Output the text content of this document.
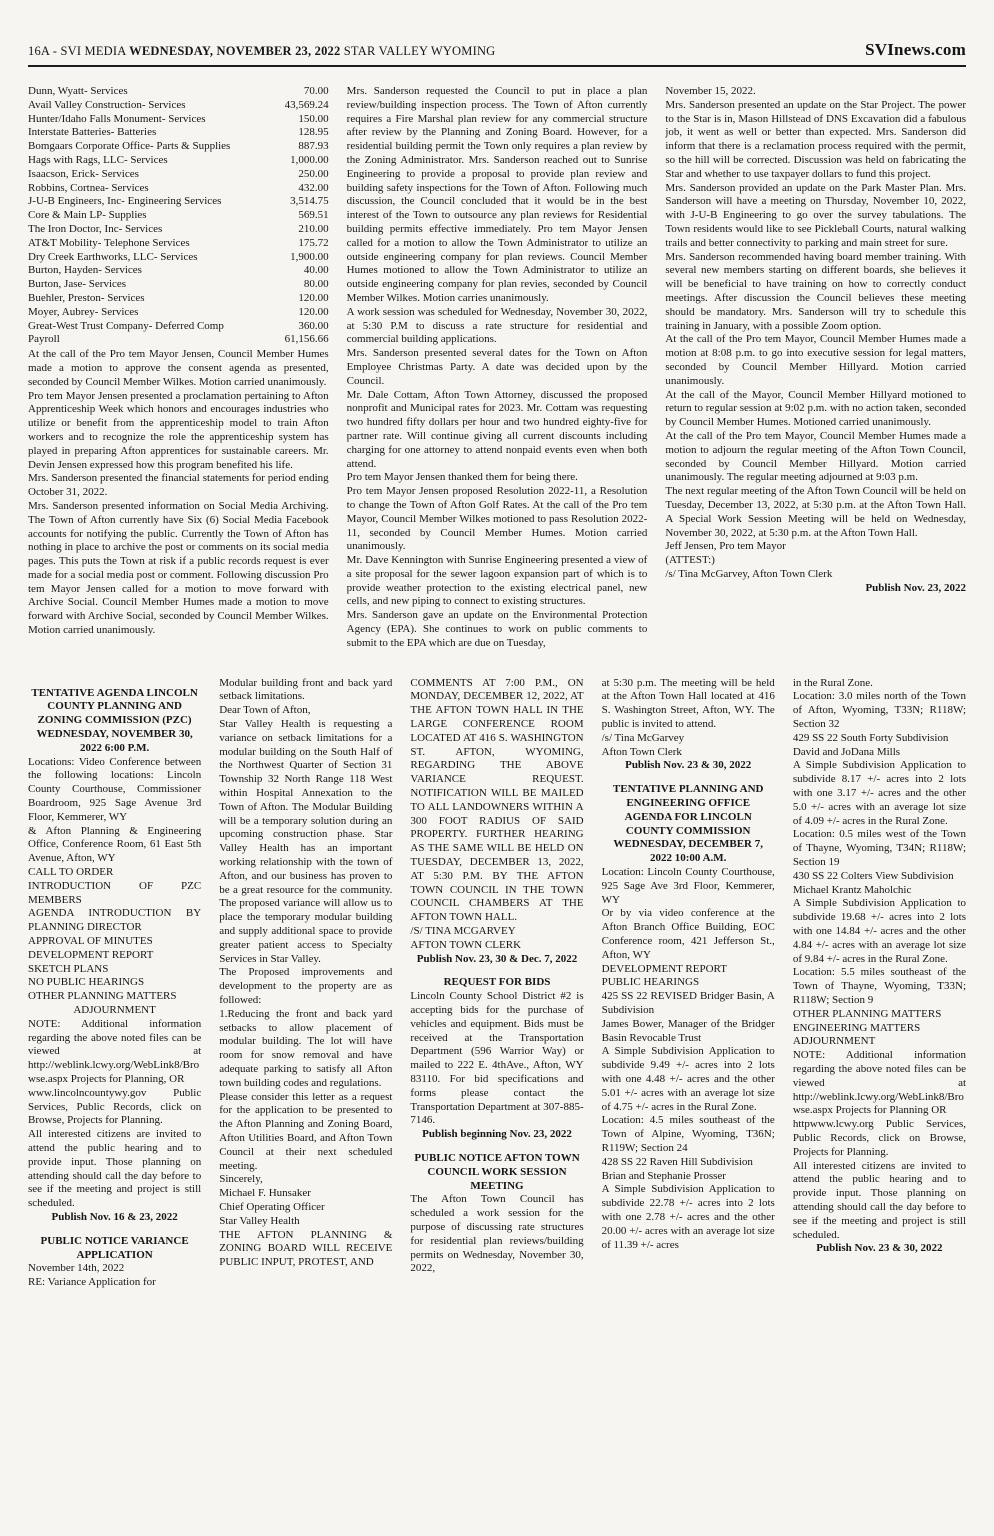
16A - SVI MEDIA WEDNESDAY, NOVEMBER 23, 2022 STAR VALLEY WYOMING	SVInews.com
Dunn, Wyatt- Services	70.00
Avail Valley Construction- Services	43,569.24
Hunter/Idaho Falls Monument- Services	150.00
Interstate Batteries- Batteries	128.95
Bomgaars Corporate Office- Parts & Supplies	887.93
Hags with Rags, LLC- Services	1,000.00
Isaacson, Erick- Services	250.00
Robbins, Cortnea- Services	432.00
J-U-B Engineers, Inc- Engineering Services	3,514.75
Core & Main LP- Supplies	569.51
The Iron Doctor, Inc- Services	210.00
AT&T Mobility- Telephone Services	175.72
Dry Creek Earthworks, LLC- Services	1,900.00
Burton, Hayden- Services	40.00
Burton, Jase- Services	80.00
Buehler, Preston- Services	120.00
Moyer, Aubrey- Services	120.00
Great-West Trust Company- Deferred Comp	360.00
Payroll	61,156.66
At the call of the Pro tem Mayor Jensen, Council Member Humes made a motion to approve the consent agenda as presented, seconded by Council Member Wilkes. Motion carried unanimously.
Pro tem Mayor Jensen presented a proclamation pertaining to Afton Apprenticeship Week which honors and encourages industries who utilize or benefit from the apprenticeship model to train Afton workers and to recognize the role the apprenticeship system has played in preparing Afton apprentices for sustainable careers. Mr. Devin Jensen expressed how this program benefited his life.
Mrs. Sanderson presented the financial statements for period ending October 31, 2022.
Mrs. Sanderson presented information on Social Media Archiving. The Town of Afton currently have Six (6) Social Media Facebook accounts for notifying the public. Currently the Town of Afton has nothing in place to archive the post or comments on its social media pages. This puts the Town at risk if a public records request is ever made for a social media post or comment. Following discussion Pro tem Mayor Jensen called for a motion to move forward with Archive Social. Council Member Humes made a motion to move forward with Archive Social, seconded by Council Member Wilkes. Motion carried unanimously.
Mrs. Sanderson requested the Council to put in place a plan review/building inspection process. The Town of Afton currently requires a Fire Marshal plan review for any commercial structure after review by the Planning and Zoning Board. However, for a residential building permit the Town only requires a plan review by the Zoning Administrator. Mrs. Sanderson reached out to Sunrise Engineering to provide a proposal to provide plan review and building safety inspections for the Town of Afton. Following much discussion, the Council concluded that it would be in the best interest of the Town to outsource any plan reviews for Residential building permits effective immediately. Pro tem Mayor Jensen called for a motion to allow the Town Administrator to utilize an outside engineering company for plan reviews. Council Member Humes motioned to allow the Town Administrator to utilize an outside engineering company for plan revies, seconded by Council Member Wilkes. Motion carries unanimously.
A work session was scheduled for Wednesday, November 30, 2022, at 5:30 P.M to discuss a rate structure for residential and commercial building applications.
Mrs. Sanderson presented several dates for the Town on Afton Employee Christmas Party. A date was decided upon by the Council.
Mr. Dale Cottam, Afton Town Attorney, discussed the proposed nonprofit and Municipal rates for 2023. Mr. Cottam was requesting two hundred fifty dollars per hour and two hundred eighty-five for partner rate. Will continue giving all current discounts including charging for one attorney to attend nonpaid events even when both attend.
Pro tem Mayor Jensen thanked them for being there.
Pro tem Mayor Jensen proposed Resolution 2022-11, a Resolution to change the Town of Afton Golf Rates. At the call of the Pro tem Mayor, Council Member Wilkes motioned to pass Resolution 2022-11, seconded by Council Member Humes. Motion carried unanimously.
Mr. Dave Kennington with Sunrise Engineering presented a view of a site proposal for the sewer lagoon expansion part of which is to provide weather protection to the existing electrical panel, new cells, and new piping to connect to existing structures.
Mrs. Sanderson gave an update on the Environmental Protection Agency (EPA). She continues to work on public comments to submit to the EPA which are due on Tuesday,
November 15, 2022.
Mrs. Sanderson presented an update on the Star Project. The power to the Star is in, Mason Hillstead of DNS Excavation did a fabulous job, it went as well or better than expected. Mrs. Sanderson did inform that there is a reclamation process required with the permit, so the hill will be corrected. Discussion was held on fabricating the Star and whether to use taxpayer dollars to fund this project.
Mrs. Sanderson provided an update on the Park Master Plan. Mrs. Sanderson will have a meeting on Thursday, November 10, 2022, with J-U-B Engineering to go over the survey tabulations. The Town residents would like to see Pickleball Courts, natural walking trails and better connectivity to parking and main street for sure.
Mrs. Sanderson recommended having board member training. With several new members starting on different boards, she believes it will be beneficial to have training on how to correctly conduct meetings. After discussion the Council believes these meeting should be mandatory. Mrs. Sanderson will try to schedule this training in January, with a possible Zoom option.
At the call of the Pro tem Mayor, Council Member Humes made a motion at 8:08 p.m. to go into executive session for legal matters, seconded by Council Member Hillyard. Motion carried unanimously.
At the call of the Mayor, Council Member Hillyard motioned to return to regular session at 9:02 p.m. with no action taken, seconded by Council Member Humes. Motioned carried unanimously.
At the call of the Pro tem Mayor, Council Member Humes made a motion to adjourn the regular meeting of the Afton Town Council, seconded by Council Member Hillyard. Motion carried unanimously. The regular meeting adjourned at 9:03 p.m.
The next regular meeting of the Afton Town Council will be held on Tuesday, December 13, 2022, at 5:30 p.m. at the Afton Town Hall. A Special Work Session Meeting will be held on Wednesday, November 30, 2022, at 5:30 p.m. at the Afton Town Hall.
Jeff Jensen, Pro tem Mayor
(ATTEST:)
/s/ Tina McGarvey, Afton Town Clerk
Publish Nov. 23, 2022
TENTATIVE AGENDA LINCOLN COUNTY PLANNING AND ZONING COMMISSION (PZC) WEDNESDAY, NOVEMBER 30, 2022 6:00 P.M.
Locations: Video Conference between the following locations: Lincoln County Courthouse, Commissioner Boardroom, 925 Sage Avenue 3rd Floor, Kemmerer, WY
& Afton Planning & Engineering Office, Conference Room, 61 East 5th Avenue, Afton, WY
CALL TO ORDER
INTRODUCTION OF PZC MEMBERS
AGENDA INTRODUCTION BY PLANNING DIRECTOR
APPROVAL OF MINUTES
DEVELOPMENT REPORT
SKETCH PLANS
NO PUBLIC HEARINGS
OTHER PLANNING MATTERS
ADJOURNMENT
NOTE: Additional information regarding the above noted files can be viewed at http://weblink.lcwy.org/WebLink8/Browse.aspx Projects for Planning, OR
www.lincolncountywy.gov Public Services, Public Records, click on Browse, Projects for Planning.
All interested citizens are invited to attend the public hearing and to provide input. Those planning on attending should call the day before to see if the meeting and project is still scheduled.
Publish Nov. 16 & 23, 2022
PUBLIC NOTICE VARIANCE APPLICATION
November 14th, 2022
RE: Variance Application for
Modular building front and back yard setback limitations.
Dear Town of Afton,
Star Valley Health is requesting a variance on setback limitations for a modular building on the South Half of the Northwest Quarter of Section 31 Township 32 North Range 118 West within Hospital Annexation to the Town of Afton. The Modular Building will be a temporary solution during an upcoming construction phase. Star Valley Health has an important working relationship with the town of Afton, and our business has proven to be a great resource for the community. The proposed variance will allow us to place the temporary modular building and supply additional space to provide greater patient access to Specialty Services in Star Valley.
The Proposed improvements and development to the property are as followed:
1.Reducing the front and back yard setbacks to allow placement of modular building. The lot will have room for snow removal and have adequate parking to satisfy all Afton town building codes and regulations.
Please consider this letter as a request for the application to be presented to the Afton Planning and Zoning Board, Afton Utilities Board, and Afton Town Council at their next scheduled meeting.
Sincerely,
Michael F. Hunsaker
Chief Operating Officer
Star Valley Health
THE AFTON PLANNING & ZONING BOARD WILL RECEIVE PUBLIC INPUT, PROTEST, AND
COMMENTS AT 7:00 P.M., ON MONDAY, DECEMBER 12, 2022, AT THE AFTON TOWN HALL IN THE LARGE CONFERENCE ROOM LOCATED AT 416 S. WASHINGTON ST. AFTON, WYOMING, REGARDING THE ABOVE VARIANCE REQUEST. NOTIFICATION WILL BE MAILED TO ALL LANDOWNERS WITHIN A 300 FOOT RADIUS OF SAID PROPERTY. FURTHER HEARING AS THE SAME WILL BE HELD ON TUESDAY, DECEMBER 13, 2022, AT 5:30 P.M. BY THE AFTON TOWN COUNCIL IN THE TOWN COUNCIL CHAMBERS AT THE AFTON TOWN HALL.
/S/ TINA MCGARVEY
AFTON TOWN CLERK
Publish Nov. 23, 30 & Dec. 7, 2022
REQUEST FOR BIDS
Lincoln County School District #2 is accepting bids for the purchase of vehicles and equipment. Bids must be received at the Transportation Department (596 Warrior Way) or mailed to 222 E. 4thAve., Afton, WY 83110. For bid specifications and forms please contact the Transportation Department at 307-885-7146.
Publish beginning Nov. 23, 2022
PUBLIC NOTICE AFTON TOWN COUNCIL WORK SESSION MEETING
The Afton Town Council has scheduled a work session for the purpose of discussing rate structures for residential plan reviews/building permits on Wednesday, November 30, 2022,
at 5:30 p.m. The meeting will be held at the Afton Town Hall located at 416 S. Washington Street, Afton, WY. The public is invited to attend.
/s/ Tina McGarvey
Afton Town Clerk
Publish Nov. 23 & 30, 2022
TENTATIVE PLANNING AND ENGINEERING OFFICE AGENDA FOR LINCOLN COUNTY COMMISSION WEDNESDAY, DECEMBER 7, 2022 10:00 A.M.
Location: Lincoln County Courthouse, 925 Sage Ave 3rd Floor, Kemmerer, WY
Or by via video conference at the Afton Branch Office Building, EOC Conference room, 421 Jefferson St., Afton, WY
DEVELOPMENT REPORT
PUBLIC HEARINGS
425 SS 22 REVISED Bridger Basin, A Subdivision
James Bower, Manager of the Bridger Basin Revocable Trust
A Simple Subdivision Application to subdivide 9.49 +/- acres into 2 lots with one 4.48 +/- acres and the other 5.01 +/- acres with an average lot size of 4.75 +/- acres in the Rural Zone.
Location: 4.5 miles southeast of the Town of Alpine, Wyoming, T36N; R119W; Section 24
428 SS 22 Raven Hill Subdivision
Brian and Stephanie Prosser
A Simple Subdivision Application to subdivide 22.78 +/- acres into 2 lots with one 2.78 +/- acres and the other 20.00 +/- acres with an average lot size of 11.39 +/- acres
in the Rural Zone.
Location: 3.0 miles north of the Town of Afton, Wyoming, T33N; R118W; Section 32
429 SS 22 South Forty Subdivision
David and JoDana Mills
A Simple Subdivision Application to subdivide 8.17 +/- acres into 2 lots with one 3.17 +/- acres and the other 5.0 +/- acres with an average lot size of 4.09 +/- acres in the Rural Zone.
Location: 0.5 miles west of the Town of Thayne, Wyoming, T34N; R118W; Section 19
430 SS 22 Colters View Subdivision
Michael Krantz Maholchic
A Simple Subdivision Application to subdivide 19.68 +/- acres into 2 lots with one 14.84 +/- acres and the other 4.84 +/- acres with an average lot size of 9.84 +/- acres in the Rural Zone.
Location: 5.5 miles southeast of the Town of Thayne, Wyoming, T33N; R118W; Section 9
OTHER PLANNING MATTERS
ENGINEERING MATTERS
ADJOURNMENT
NOTE: Additional information regarding the above noted files can be viewed at http://weblink.lcwy.org/WebLink8/Browse.aspx Projects for Planning OR
httpwww.lcwy.org Public Services, Public Records, click on Browse, Projects for Planning.
All interested citizens are invited to attend the public hearing and to provide input. Those planning on attending should call the day before to see if the meeting and project is still scheduled.
Publish Nov. 23 & 30, 2022
